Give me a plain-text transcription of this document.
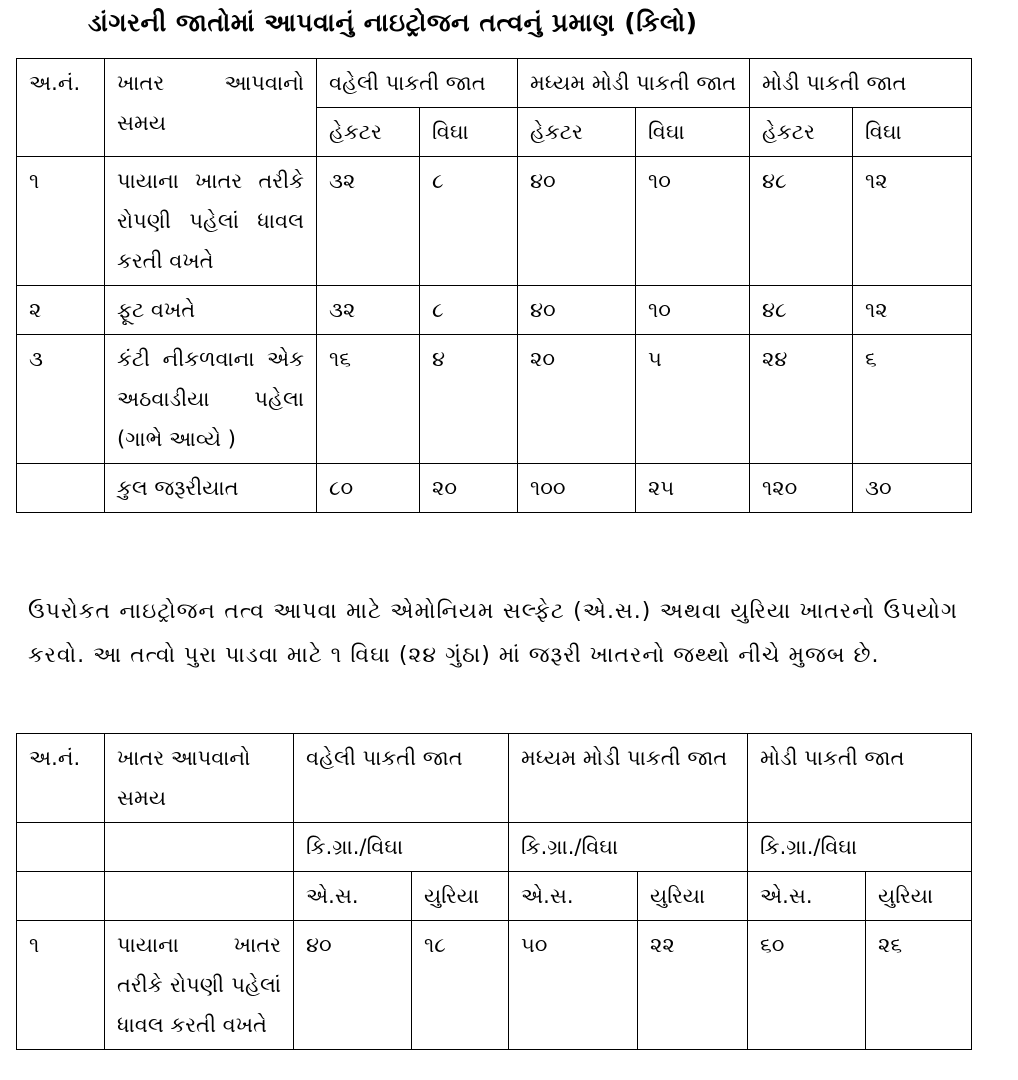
ડાંગરની જાતોમાં આપવાનું નાઇટ્રોજન તત્વનું પ્રમાણ (કિલો)
અ.નં.	ખાતર આપવાનો સમય	વહેલી પાકતી જાત		મધ્યમ મોડી પાકતી જાત		મોડી પાકતી જાત	
		હેકટર	વિઘા	હેકટર	વિઘા	હેકટર	વિઘા
૧	પાયાના ખાતર તરીકે રોપણી પહેલાં ધાવલ કરતી વખતે	૩૨	૮	૪૦	૧૦	૪૮	૧૨
૨	ફૂટ વખતે	૩૨	૮	૪૦	૧૦	૪૮	૧૨
૩	કંટી નીકળવાના એક અઠવાડીયા પહેલા (ગાભે આવ્યે )	૧૬	૪	૨૦	૫	૨૪	૬
	કુલ જરૂરીયાત	૮૦	૨૦	૧૦૦	૨૫	૧૨૦	૩૦
ઉપરોકત નાઇટ્રોજન તત્વ આપવા માટે એમોનિયમ સલ્ફેટ (એ.સ.) અથવા યુરિયા ખાતરનો ઉપયોગ કરવો. આ તત્વો પુરા પાડવા માટે ૧ વિઘા (૨૪ ગુંઠા) માં જરૂરી ખાતરનો જથ્થો નીચે મુજબ છે.
અ.નં.	ખાતર આપવાનો સમય	વહેલી પાકતી જાત		મધ્યમ મોડી પાકતી જાત		મોડી પાકતી જાત	
		કિ.ગ્રા./વિઘા		કિ.ગ્રા./વિઘા		કિ.ગ્રા./વિઘા	
		એ.સ.	યુરિયા	એ.સ.	યુરિયા	એ.સ.	યુરિયા
૧	પાયાના ખાતર તરીકે રોપણી પહેલાં ધાવલ કરતી વખતે	૪૦	૧૮	૫૦	૨૨	૬૦	૨૬
